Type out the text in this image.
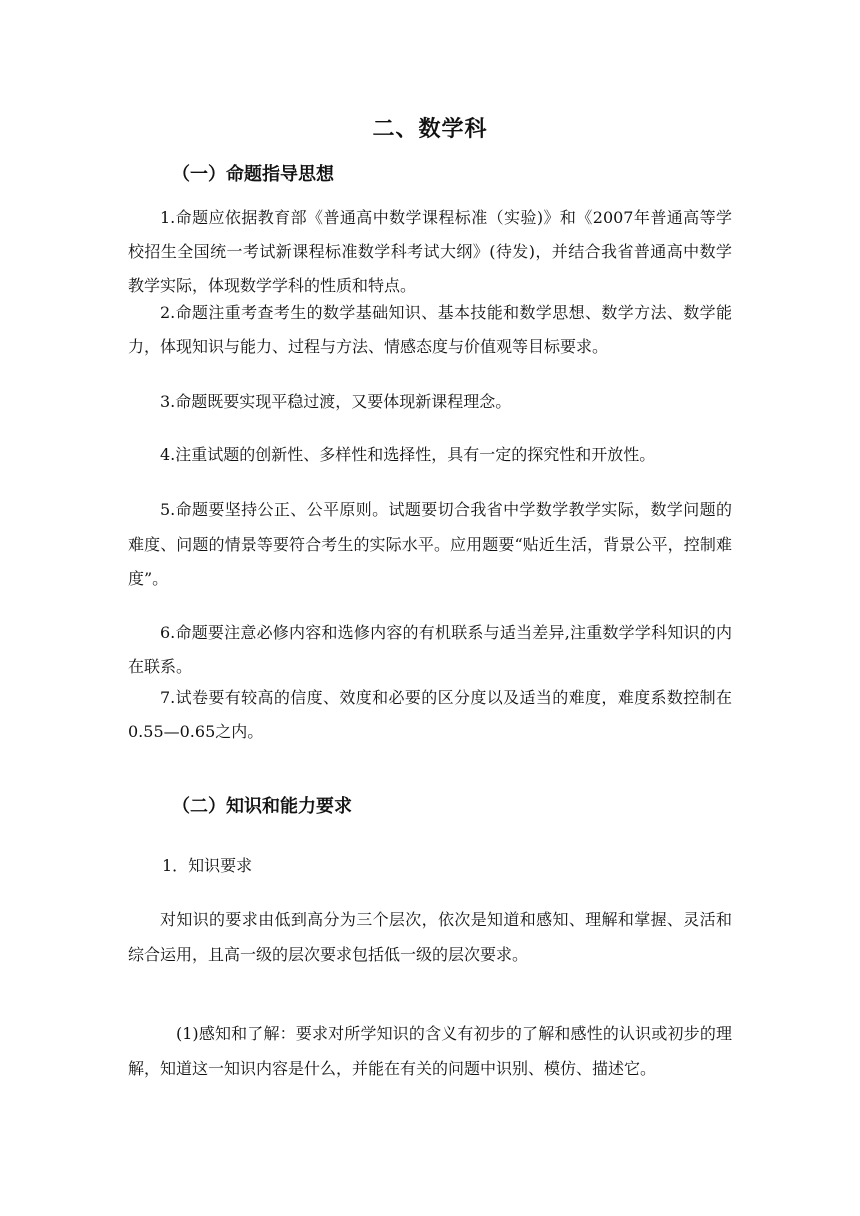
二、数学科
（一）命题指导思想

1.命题应依据教育部《普通高中数学课程标准（实验)》和《2007年普通高等学校招生全国统一考试新课程标准数学科考试大纲》(待发)，并结合我省普通高中数学教学实际，体现数学学科的性质和特点。

2.命题注重考查考生的数学基础知识、基本技能和数学思想、数学方法、数学能力，体现知识与能力、过程与方法、情感态度与价值观等目标要求。

3.命题既要实现平稳过渡，又要体现新课程理念。

4.注重试题的创新性、多样性和选择性，具有一定的探究性和开放性。

5.命题要坚持公正、公平原则。试题要切合我省中学数学教学实际，数学问题的难度、问题的情景等要符合考生的实际水平。应用题要“贴近生活，背景公平，控制难度”。

6.命题要注意必修内容和选修内容的有机联系与适当差异,注重数学学科知识的内在联系。

7.试卷要有较高的信度、效度和必要的区分度以及适当的难度，难度系数控制在0.55—0.65之内。

（二）知识和能力要求
1．知识要求

对知识的要求由低到高分为三个层次，依次是知道和感知、理解和掌握、灵活和综合运用，且高一级的层次要求包括低一级的层次要求。

(1)感知和了解：要求对所学知识的含义有初步的了解和感性的认识或初步的理解，知道这一知识内容是什么，并能在有关的问题中识别、模仿、描述它。
